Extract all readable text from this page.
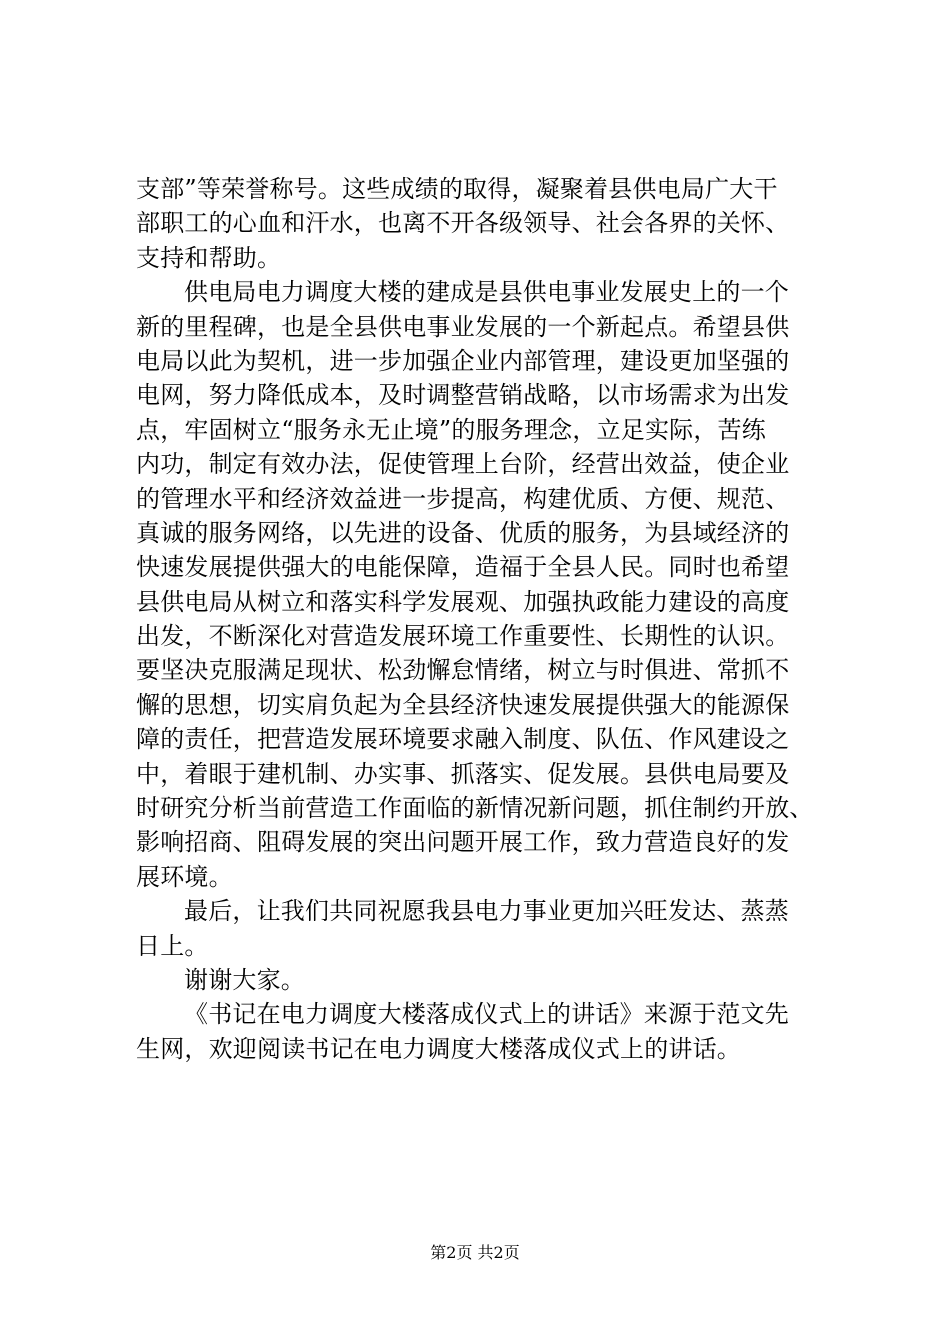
支部”等荣誉称号。这些成绩的取得，凝聚着县供电局广大干
部职工的心血和汗水，也离不开各级领导、社会各界的关怀、
支持和帮助。
供电局电力调度大楼的建成是县供电事业发展史上的一个
新的里程碑，也是全县供电事业发展的一个新起点。希望县供
电局以此为契机，进一步加强企业内部管理，建设更加坚强的
电网，努力降低成本，及时调整营销战略，以市场需求为出发
点，牢固树立“服务永无止境”的服务理念，立足实际，苦练
内功，制定有效办法，促使管理上台阶，经营出效益，使企业
的管理水平和经济效益进一步提高，构建优质、方便、规范、
真诚的服务网络，以先进的设备、优质的服务，为县域经济的
快速发展提供强大的电能保障，造福于全县人民。同时也希望
县供电局从树立和落实科学发展观、加强执政能力建设的高度
出发，不断深化对营造发展环境工作重要性、长期性的认识。
要坚决克服满足现状、松劲懈怠情绪，树立与时俱进、常抓不
懈的思想，切实肩负起为全县经济快速发展提供强大的能源保
障的责任，把营造发展环境要求融入制度、队伍、作风建设之
中，着眼于建机制、办实事、抓落实、促发展。县供电局要及
时研究分析当前营造工作面临的新情况新问题，抓住制约开放、
影响招商、阻碍发展的突出问题开展工作，致力营造良好的发
展环境。
最后，让我们共同祝愿我县电力事业更加兴旺发达、蒸蒸
日上。
谢谢大家。
《书记在电力调度大楼落成仪式上的讲话》来源于范文先
生网，欢迎阅读书记在电力调度大楼落成仪式上的讲话。
第2页 共2页
